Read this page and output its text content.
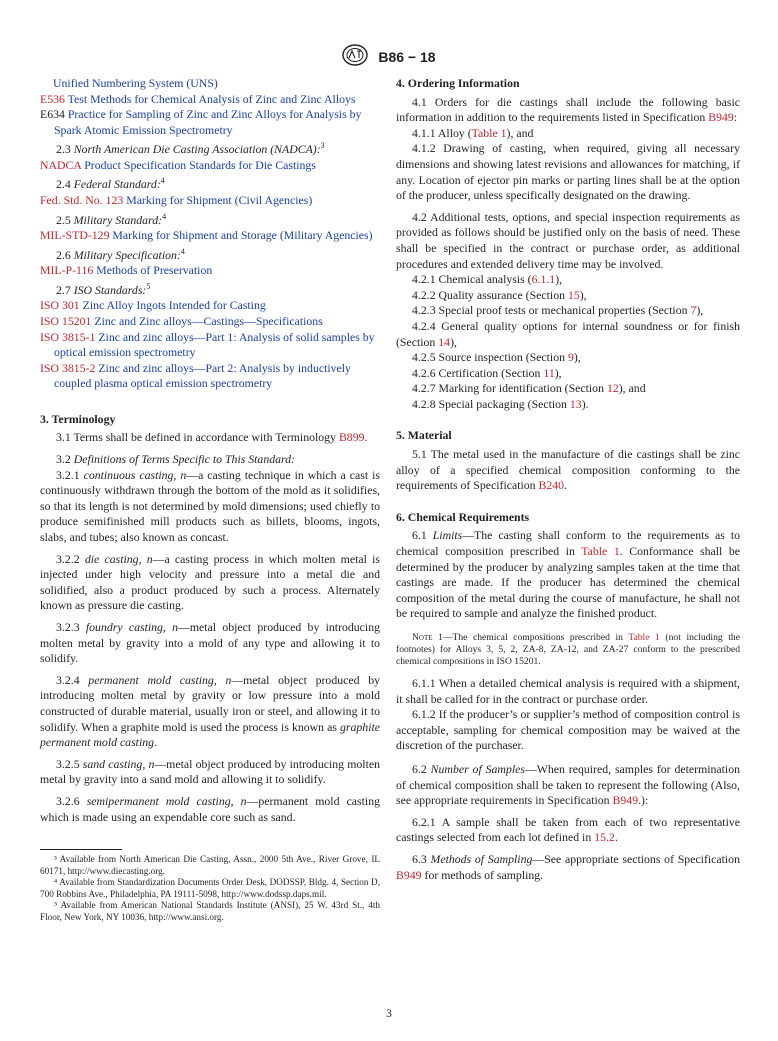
B86 − 18

Unified Numbering System (UNS)

E536 Test Methods for Chemical Analysis of Zinc and Zinc Alloys

E634 Practice for Sampling of Zinc and Zinc Alloys for Analysis by Spark Atomic Emission Spectrometry

2.3 North American Die Casting Association (NADCA):$^3$

NADCA Product Specification Standards for Die Castings

2.4 Federal Standard:$^4$

Fed. Std. No. 123 Marking for Shipment (Civil Agencies)

2.5 Military Standard:$^4$

MIL-STD-129 Marking for Shipment and Storage (Military Agencies)

2.6 Military Specification:$^4$

MIL-P-116 Methods of Preservation

2.7 ISO Standards:$^5$

ISO 301 Zinc Alloy Ingots Intended for Casting

ISO 15201 Zinc and Zinc alloys—Castings—Specifications

ISO 3815-1 Zinc and zinc alloys—Part 1: Analysis of solid samples by optical emission spectrometry

ISO 3815-2 Zinc and zinc alloys—Part 2: Analysis by inductively coupled plasma optical emission spectrometry

3. Terminology

3.1 Terms shall be defined in accordance with Terminology B899.

3.2 Definitions of Terms Specific to This Standard:

3.2.1 continuous casting, n—a casting technique in which a cast is continuously withdrawn through the bottom of the mold as it solidifies, so that its length is not determined by mold dimensions; used chiefly to produce semifinished mill products such as billets, blooms, ingots, slabs, and tubes; also known as concast.

3.2.2 die casting, n—a casting process in which molten metal is injected under high velocity and pressure into a metal die and solidified, also a product produced by such a process. Alternately known as pressure die casting.

3.2.3 foundry casting, n—metal object produced by introducing molten metal by gravity into a mold of any type and allowing it to solidify.

3.2.4 permanent mold casting, n—metal object produced by introducing molten metal by gravity or low pressure into a mold constructed of durable material, usually iron or steel, and allowing it to solidify. When a graphite mold is used the process is known as graphite permanent mold casting.

3.2.5 sand casting, n—metal object produced by introducing molten metal by gravity into a sand mold and allowing it to solidify.

3.2.6 semipermanent mold casting, n—permanent mold casting which is made using an expendable core such as sand.

³ Available from North American Die Casting, Assn., 2000 5th Ave., River Grove, IL 60171, http://www.diecasting.org.

⁴ Available from Standardization Documents Order Desk, DODSSP, Bldg. 4, Section D, 700 Robbins Ave., Philadelphia, PA 19111-5098, http://www.dodssp.daps.mil.

⁵ Available from American National Standards Institute (ANSI), 25 W. 43rd St., 4th Floor, New York, NY 10036, http://www.ansi.org.

4. Ordering Information

4.1 Orders for die castings shall include the following basic information in addition to the requirements listed in Specification B949:

4.1.1 Alloy (Table 1), and

4.1.2 Drawing of casting, when required, giving all necessary dimensions and showing latest revisions and allowances for matching, if any. Location of ejector pin marks or parting lines shall be at the option of the producer, unless specifically designated on the drawing.

4.2 Additional tests, options, and special inspection requirements as provided as follows should be justified only on the basis of need. These shall be specified in the contract or purchase order, as additional procedures and extended delivery time may be involved.

4.2.1 Chemical analysis (6.1.1),

4.2.2 Quality assurance (Section 15),

4.2.3 Special proof tests or mechanical properties (Section 7),

4.2.4 General quality options for internal soundness or for finish (Section 14),

4.2.5 Source inspection (Section 9),

4.2.6 Certification (Section 11),

4.2.7 Marking for identification (Section 12), and

4.2.8 Special packaging (Section 13).

5. Material

5.1 The metal used in the manufacture of die castings shall be zinc alloy of a specified chemical composition conforming to the requirements of Specification B240.

6. Chemical Requirements

6.1 Limits—The casting shall conform to the requirements as to chemical composition prescribed in Table 1. Conformance shall be determined by the producer by analyzing samples taken at the time that castings are made. If the producer has determined the chemical composition of the metal during the course of manufacture, he shall not be required to sample and analyze the finished product.

Note 1—The chemical compositions prescribed in Table 1 (not including the footnotes) for Alloys 3, 5, 2, ZA-8, ZA-12, and ZA-27 conform to the prescribed chemical compositions in ISO 15201.

6.1.1 When a detailed chemical analysis is required with a shipment, it shall be called for in the contract or purchase order.

6.1.2 If the producer’s or supplier’s method of composition control is acceptable, sampling for chemical composition may be waived at the discretion of the purchaser.

6.2 Number of Samples—When required, samples for determination of chemical composition shall be taken to represent the following (Also, see appropriate requirements in Specification B949.):

6.2.1 A sample shall be taken from each of two representative castings selected from each lot defined in 15.2.

6.3 Methods of Sampling—See appropriate sections of Specification B949 for methods of sampling.

3
